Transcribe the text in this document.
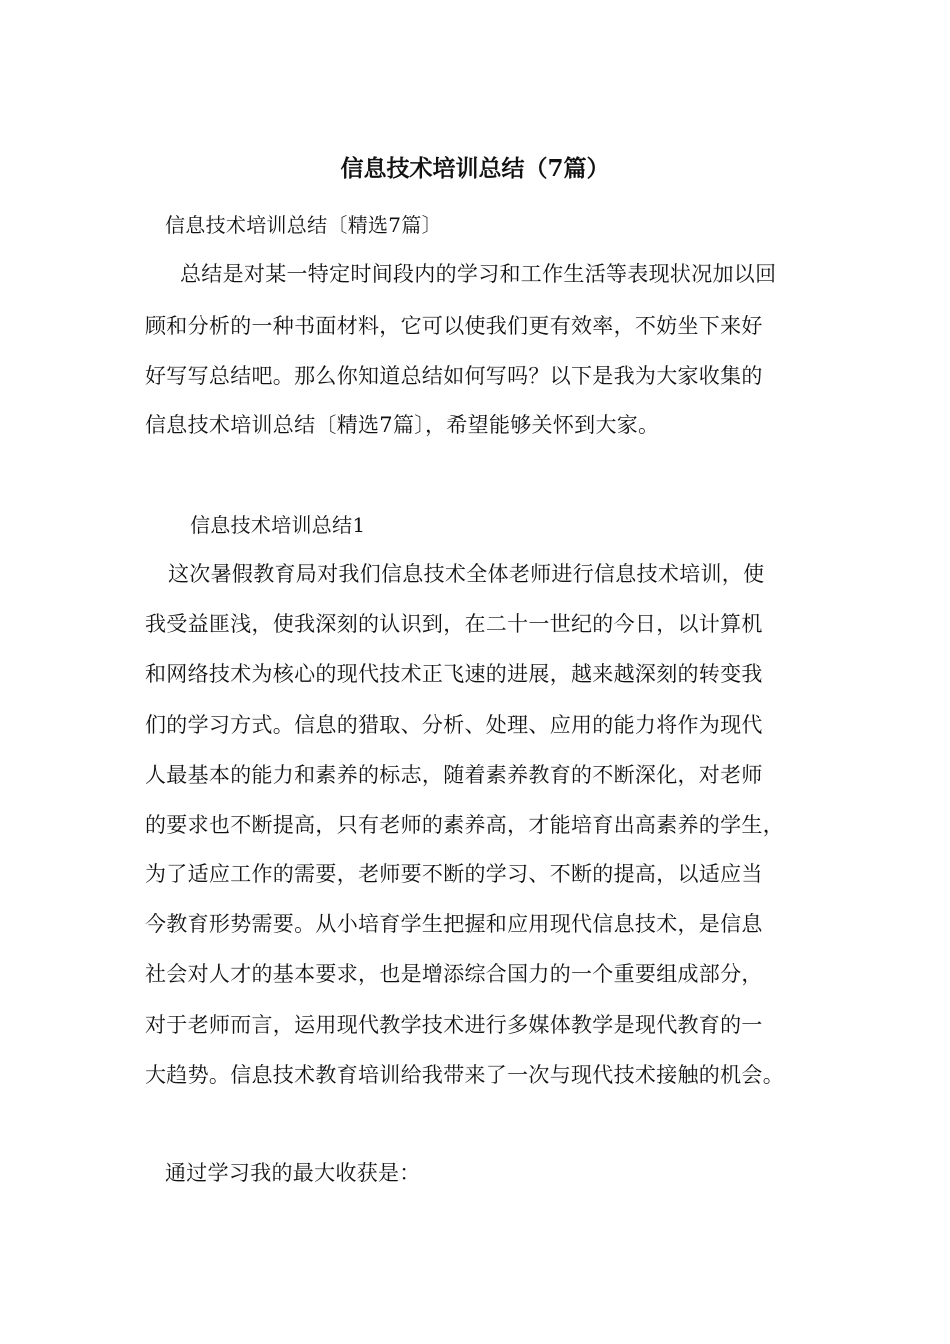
信息技术培训总结（7篇）
信息技术培训总结〔精选7篇〕
总结是对某一特定时间段内的学习和工作生活等表现状况加以回
顾和分析的一种书面材料，它可以使我们更有效率，不妨坐下来好
好写写总结吧。那么你知道总结如何写吗？以下是我为大家收集的
信息技术培训总结〔精选7篇〕，希望能够关怀到大家。
信息技术培训总结1
这次暑假教育局对我们信息技术全体老师进行信息技术培训，使
我受益匪浅，使我深刻的认识到，在二十一世纪的今日，以计算机
和网络技术为核心的现代技术正飞速的进展，越来越深刻的转变我
们的学习方式。信息的猎取、分析、处理、应用的能力将作为现代
人最基本的能力和素养的标志，随着素养教育的不断深化，对老师
的要求也不断提高，只有老师的素养高，才能培育出高素养的学生，
为了适应工作的需要，老师要不断的学习、不断的提高，以适应当
今教育形势需要。从小培育学生把握和应用现代信息技术，是信息
社会对人才的基本要求，也是增添综合国力的一个重要组成部分，
对于老师而言，运用现代教学技术进行多媒体教学是现代教育的一
大趋势。信息技术教育培训给我带来了一次与现代技术接触的机会。
通过学习我的最大收获是：
